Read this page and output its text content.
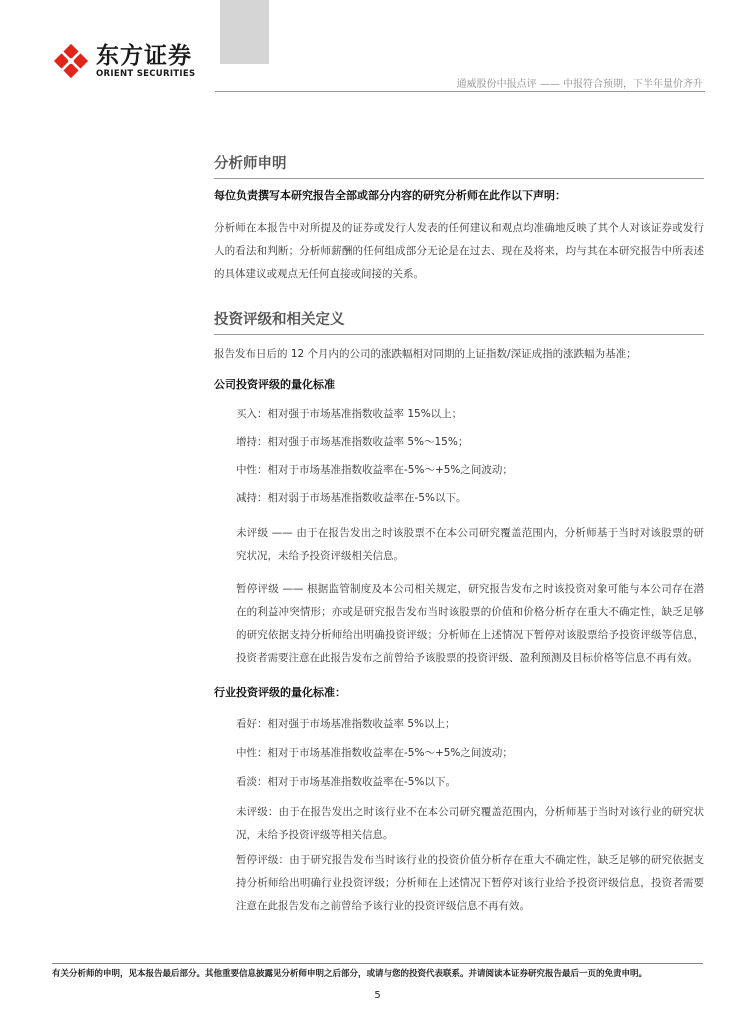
东方证券
ORIENT SECURITIES
通威股份中报点评 —— 中报符合预期，下半年量价齐升
分析师申明
每位负责撰写本研究报告全部或部分内容的研究分析师在此作以下声明：
分析师在本报告中对所提及的证券或发行人发表的任何建议和观点均准确地反映了其个人对该证券或发行人的看法和判断；分析师薪酬的任何组成部分无论是在过去、现在及将来，均与其在本研究报告中所表述的具体建议或观点无任何直接或间接的关系。
投资评级和相关定义
报告发布日后的 12 个月内的公司的涨跌幅相对同期的上证指数/深证成指的涨跌幅为基准；
公司投资评级的量化标准
买入：相对强于市场基准指数收益率 15%以上；
增持：相对强于市场基准指数收益率 5%～15%；
中性：相对于市场基准指数收益率在-5%～+5%之间波动；
减持：相对弱于市场基准指数收益率在-5%以下。
未评级 —— 由于在报告发出之时该股票不在本公司研究覆盖范围内，分析师基于当时对该股票的研究状况，未给予投资评级相关信息。
暂停评级 —— 根据监管制度及本公司相关规定，研究报告发布之时该投资对象可能与本公司存在潜在的利益冲突情形；亦或是研究报告发布当时该股票的价值和价格分析存在重大不确定性，缺乏足够的研究依据支持分析师给出明确投资评级；分析师在上述情况下暂停对该股票给予投资评级等信息，投资者需要注意在此报告发布之前曾给予该股票的投资评级、盈利预测及目标价格等信息不再有效。
行业投资评级的量化标准：
看好：相对强于市场基准指数收益率 5%以上；
中性：相对于市场基准指数收益率在-5%～+5%之间波动；
看淡：相对于市场基准指数收益率在-5%以下。
未评级：由于在报告发出之时该行业不在本公司研究覆盖范围内，分析师基于当时对该行业的研究状况，未给予投资评级等相关信息。
暂停评级：由于研究报告发布当时该行业的投资价值分析存在重大不确定性，缺乏足够的研究依据支持分析师给出明确行业投资评级；分析师在上述情况下暂停对该行业给予投资评级信息，投资者需要注意在此报告发布之前曾给予该行业的投资评级信息不再有效。
有关分析师的申明，见本报告最后部分。其他重要信息披露见分析师申明之后部分，或请与您的投资代表联系。并请阅读本证券研究报告最后一页的免责申明。
5
